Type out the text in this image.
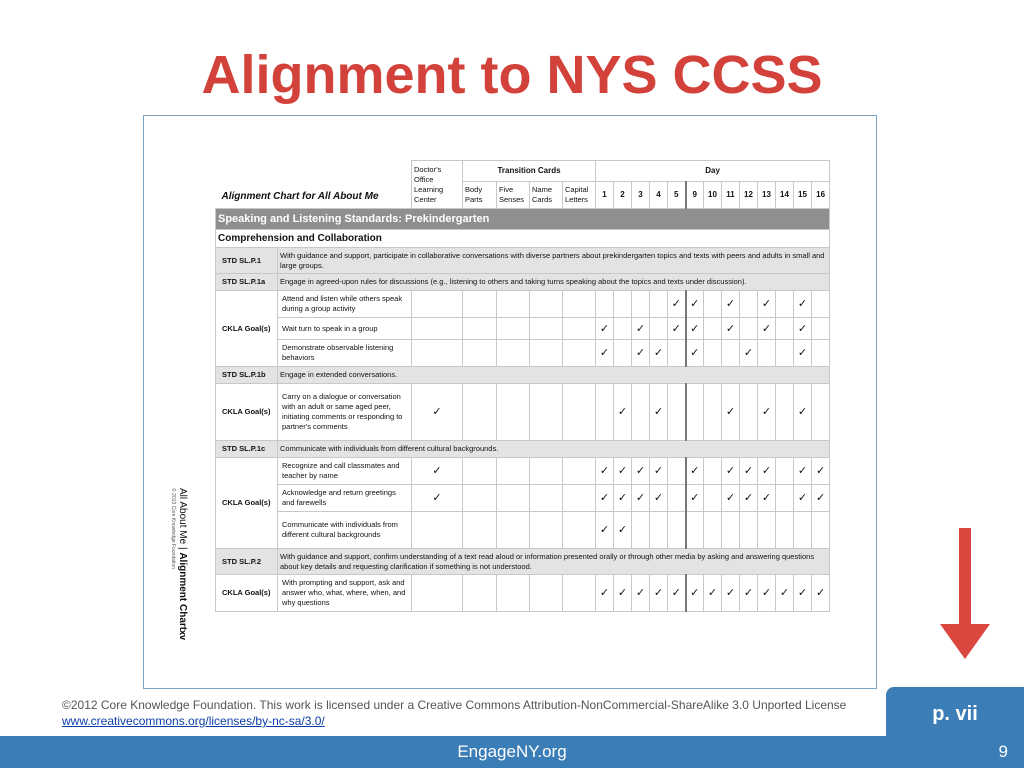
Alignment to NYS CCSS
All About Me | Alignment Chart
© 2013 Core Knowledge Foundation
xv
Alignment Chart for All About Me		Doctor's Office Learning Center	Transition Cards				Day												
			Body Parts	Five Senses	Name Cards	Capital Letters	1	2	3	4	5	9	10	11	12	13	14	15	16
Speaking and Listening Standards: Prekindergarten																			
Comprehension and Collaboration																			
STD SL.P.1	With guidance and support, participate in collaborative conversations with diverse partners about prekindergarten topics and texts with peers and adults in small and large groups.																		
STD SL.P.1a	Engage in agreed-upon rules for discussions (e.g., listening to others and taking turns speaking about the topics and texts under discussion).																		
CKLA Goal(s)	Attend and listen while others speak during a group activity										✓	✓		✓		✓		✓	
	Wait turn to speak in a group						✓		✓		✓	✓		✓		✓		✓	
	Demonstrate observable listening behaviors						✓		✓	✓		✓			✓			✓	
STD SL.P.1b	Engage in extended conversations.																		
CKLA Goal(s)	Carry on a dialogue or conversation with an adult or same aged peer, initiating comments or responding to partner's comments	✓						✓		✓				✓		✓		✓	
STD SL.P.1c	Communicate with individuals from different cultural backgrounds.																		
CKLA Goal(s)	Recognize and call classmates and teacher by name	✓					✓	✓	✓	✓		✓		✓	✓	✓		✓	✓
	Acknowledge and return greetings and farewells	✓					✓	✓	✓	✓		✓		✓	✓	✓		✓	✓
	Communicate with individuals from different cultural backgrounds						✓	✓											
STD SL.P.2	With guidance and support, confirm understanding of a text read aloud or information presented orally or through other media by asking and answering questions about key details and requesting clarification if something is not understood.																		
CKLA Goal(s)	With prompting and support, ask and answer who, what, where, when, and why questions						✓	✓	✓	✓	✓	✓	✓	✓	✓	✓	✓	✓	✓
©2012 Core Knowledge Foundation. This work is licensed under a Creative Commons Attribution-NonCommercial-ShareAlike 3.0 Unported License
www.creativecommons.org/licenses/by-nc-sa/3.0/	p. vii
EngageNY.org	9
